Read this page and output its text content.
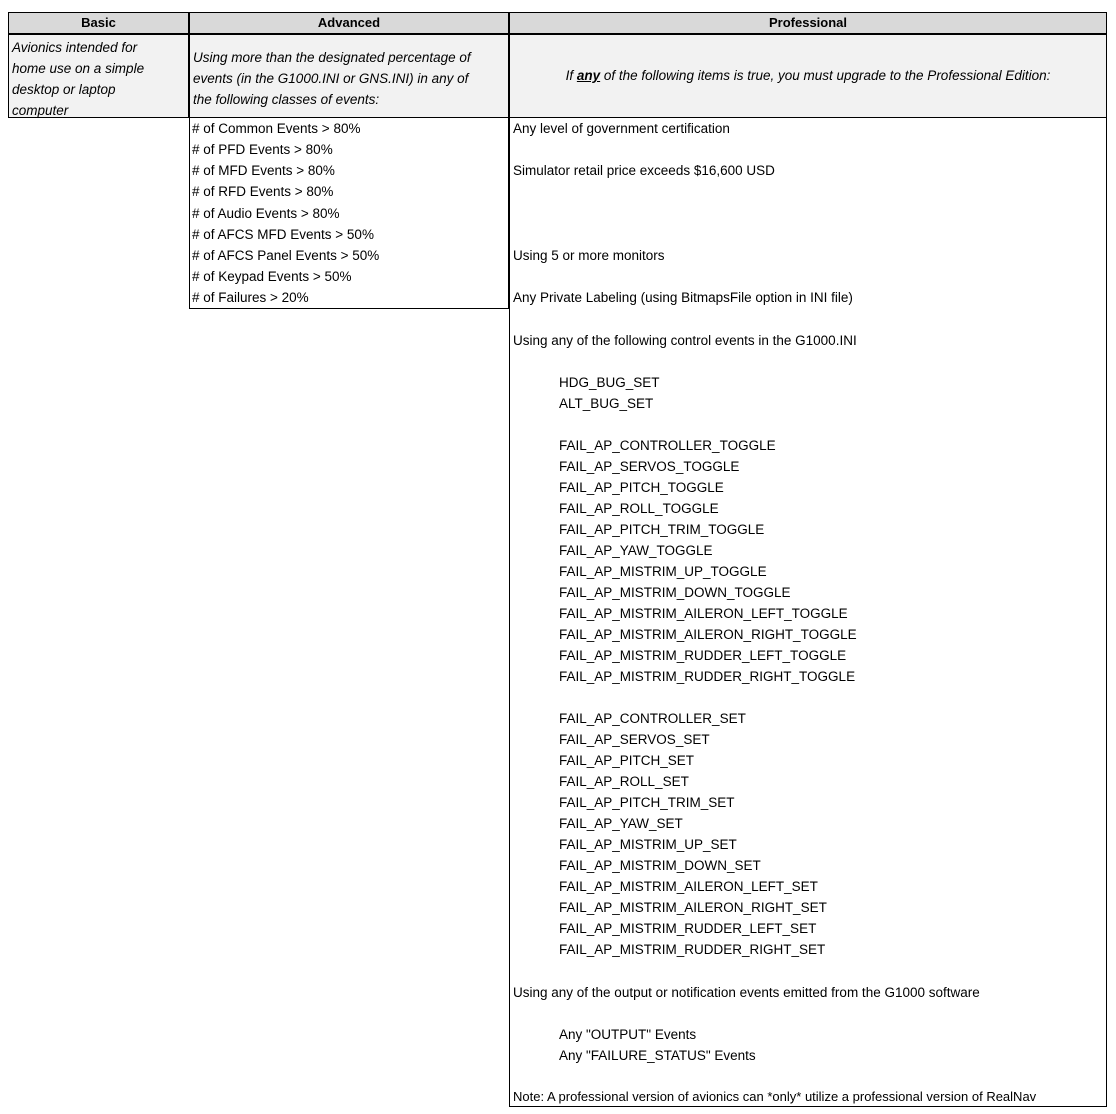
Basic	Advanced	Professional
Avionics intended for
home use on a simple
desktop or laptop
computer
Using more than the designated percentage of
events (in the G1000.INI or GNS.INI) in any of
the following classes of events:
If any of the following items is true, you must upgrade to the Professional Edition:
# of Common Events > 80%
# of PFD Events > 80%
# of MFD Events > 80%
# of RFD Events > 80%
# of Audio Events > 80%
# of AFCS MFD Events > 50%
# of AFCS Panel Events > 50%
# of Keypad Events > 50%
# of Failures > 20%
Any level of government certification
Simulator retail price exceeds $16,600 USD
Using 5 or more monitors
Any Private Labeling (using BitmapsFile option in INI file)
Using any of the following control events in the G1000.INI
HDG_BUG_SET
ALT_BUG_SET
FAIL_AP_CONTROLLER_TOGGLE
FAIL_AP_SERVOS_TOGGLE
FAIL_AP_PITCH_TOGGLE
FAIL_AP_ROLL_TOGGLE
FAIL_AP_PITCH_TRIM_TOGGLE
FAIL_AP_YAW_TOGGLE
FAIL_AP_MISTRIM_UP_TOGGLE
FAIL_AP_MISTRIM_DOWN_TOGGLE
FAIL_AP_MISTRIM_AILERON_LEFT_TOGGLE
FAIL_AP_MISTRIM_AILERON_RIGHT_TOGGLE
FAIL_AP_MISTRIM_RUDDER_LEFT_TOGGLE
FAIL_AP_MISTRIM_RUDDER_RIGHT_TOGGLE
FAIL_AP_CONTROLLER_SET
FAIL_AP_SERVOS_SET
FAIL_AP_PITCH_SET
FAIL_AP_ROLL_SET
FAIL_AP_PITCH_TRIM_SET
FAIL_AP_YAW_SET
FAIL_AP_MISTRIM_UP_SET
FAIL_AP_MISTRIM_DOWN_SET
FAIL_AP_MISTRIM_AILERON_LEFT_SET
FAIL_AP_MISTRIM_AILERON_RIGHT_SET
FAIL_AP_MISTRIM_RUDDER_LEFT_SET
FAIL_AP_MISTRIM_RUDDER_RIGHT_SET
Using any of the output or notification events emitted from the G1000 software
Any "OUTPUT" Events
Any "FAILURE_STATUS" Events
Note: A professional version of avionics can *only* utilize a professional version of RealNav
